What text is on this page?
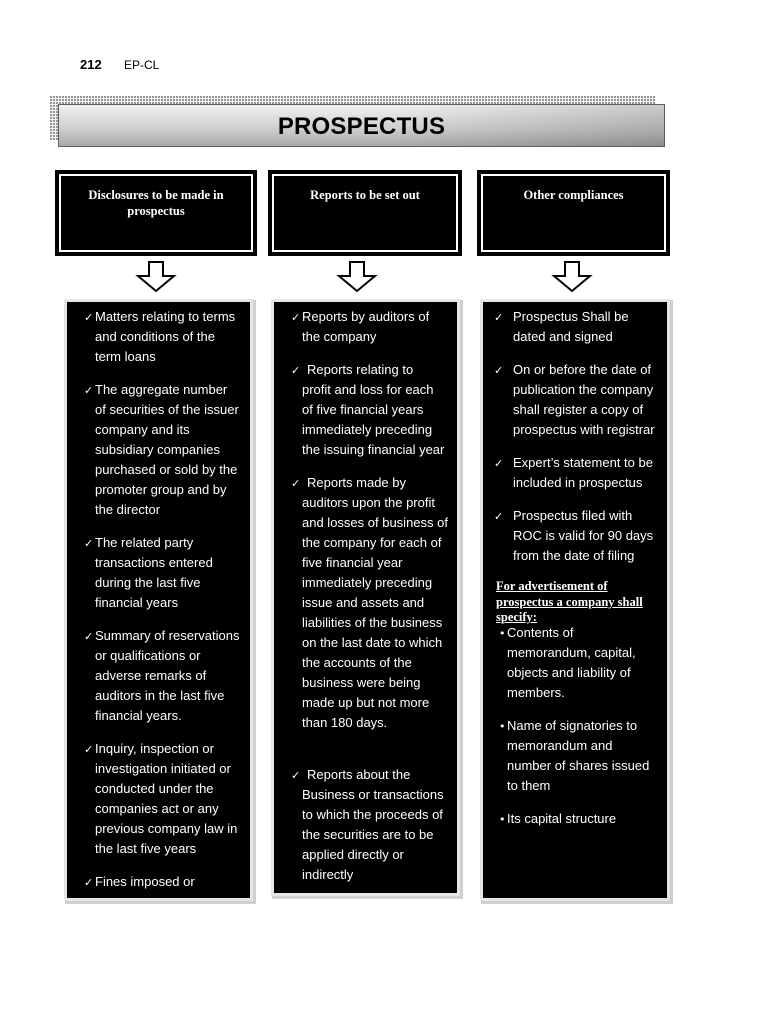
212 EP-CL
PROSPECTUS
Disclosures to be made in
prospectus
Reports to be set out	Other compliances
✓
Matters relating to terms
and conditions of the
term loans
✓
The aggregate number
of securities of the issuer
company and its
subsidiary companies
purchased or sold by the
promoter group and by
the director
✓
The related party
transactions entered
during the last five
financial years
✓
Summary of reservations
or qualifications or
adverse remarks of
auditors in the last five
financial years.
✓
Inquiry, inspection or
investigation initiated or
conducted under the
companies act or any
previous company law in
the last five years
✓
Fines imposed or
✓
Reports by auditors of
the company
✓
Reports relating to
profit and loss for each
of five financial years
immediately preceding
the issuing financial year
✓
Reports made by
auditors upon the profit
and losses of business of
the company for each of
five financial year
immediately preceding
issue and assets and
liabilities of the business
on the last date to which
the accounts of the
business were being
made up but not more
than 180 days.
✓
Reports about the
Business or transactions
to which the proceeds of
the securities are to be
applied directly or
indirectly
✓
Prospectus Shall be
dated and signed
✓
On or before the date of
publication the company
shall register a copy of
prospectus with registrar
✓
Expert’s statement to be
included in prospectus
✓
Prospectus filed with
ROC is valid for 90 days
from the date of filing
For advertisement of
prospectus a company shall
specify:
•
Contents of
memorandum, capital,
objects and liability of
members.
•
Name of signatories to
memorandum and
number of shares issued
to them
•
Its capital structure
